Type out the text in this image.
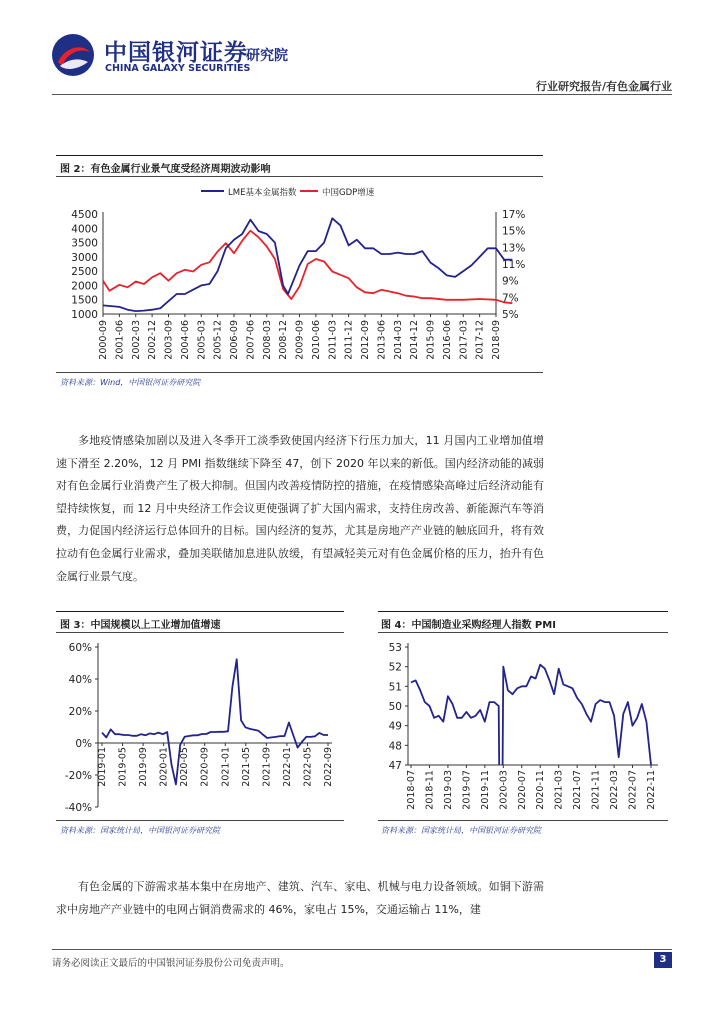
中国银河证券
CHINA GALAXY SECURITIES
研究院
行业研究报告/有色金属行业
图 2：有色金属行业景气度受经济周期波动影响
LME基本金属指数	中国GDP增速
4500
4000
3500
3000
2500
2000
1500
1000
17%
15%
13%
11%
9%
7%
5%
2000-09 2001-06 2002-03 2002-12 2003-09 2004-06 2005-03 2005-12 2006-09 2007-06 2008-03 2008-12 2009-09 2010-06 2011-03 2011-12 2012-09 2013-06 2014-03 2014-12 2015-09 2016-06 2017-03 2017-12 2018-09
资料来源：Wind，中国银河证券研究院
多地疫情感染加剧以及进入冬季开工淡季致使国内经济下行压力加大，11 月国内工业增加值增速下滑至 2.20%，12 月 PMI 指数继续下降至 47，创下 2020 年以来的新低。国内经济动能的减弱对有色金属行业消费产生了极大抑制。但国内改善疫情防控的措施，在疫情感染高峰过后经济动能有望持续恢复，而 12 月中央经济工作会议更使强调了扩大国内需求，支持住房改善、新能源汽车等消费，力促国内经济运行总体回升的目标。国内经济的复苏，尤其是房地产产业链的触底回升，将有效拉动有色金属行业需求，叠加美联储加息进队放缓，有望减轻美元对有色金属价格的压力，抬升有色金属行业景气度。
图 3：中国规模以上工业增加值增速
60%
40%
20%
0%
-20%
-40%
2019-01 2019-05 2019-09 2020-01 2020-05 2020-09 2021-01 2021-05 2021-09 2022-01 2022-05 2022-09
资料来源：国家统计局，中国银河证券研究院
图 4：中国制造业采购经理人指数 PMI
53
52
51
50
49
48
47
2018-07 2018-11 2019-03 2019-07 2019-11 2020-03 2020-07 2020-11 2021-03 2021-07 2021-11 2022-03 2022-07 2022-11
资料来源：国家统计局，中国银河证券研究院
有色金属的下游需求基本集中在房地产、建筑、汽车、家电、机械与电力设备领域。如铜下游需求中房地产产业链中的电网占铜消费需求的 46%，家电占 15%，交通运输占 11%，建
请务必阅读正文最后的中国银河证券股份公司免责声明。	3
